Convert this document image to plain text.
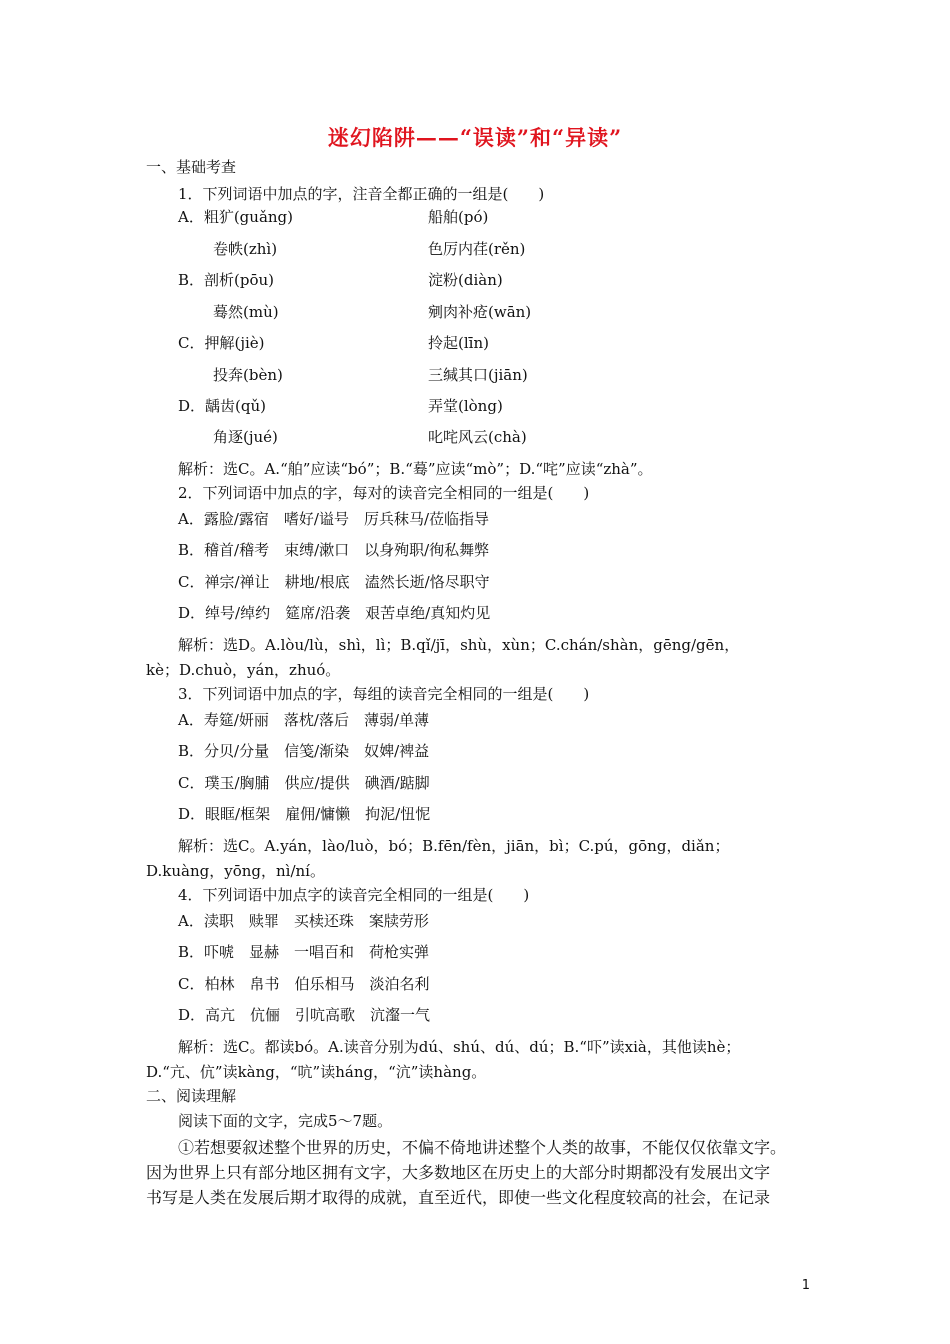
迷幻陷阱——“误读”和“异读”
一、基础考查
1．下列词语中加点的字，注音全都正确的一组是(　　)
A．粗犷(guǎng)	船舶(pó)
卷帙(zhì)	色厉内荏(rěn)
B．剖析(pōu)	淀粉(diàn)
蓦然(mù)	剜肉补疮(wān)
C．押解(jiè)	拎起(līn)
投奔(bèn)	三缄其口(jiān)
D．龋齿(qǔ)	弄堂(lòng)
角逐(jué)	叱咤风云(chà)
解析：选C。A.“舶”应读“bó”；B.“蓦”应读“mò”；D.“咤”应读“zhà”。
2．下列词语中加点的字，每对的读音完全相同的一组是(　　)
A．露脸/露宿　嗜好/谥号　厉兵秣马/莅临指导
B．稽首/稽考　束缚/漱口　以身殉职/徇私舞弊
C．禅宗/禅让　耕地/根底　溘然长逝/恪尽职守
D．绰号/绰约　筵席/沿袭　艰苦卓绝/真知灼见
解析：选D。A.lòu/lù，shì，lì；B.qǐ/jī，shù，xùn；C.chán/shàn，gēng/gēn，
kè；D.chuò，yán，zhuó。
3．下列词语中加点的字，每组的读音完全相同的一组是(　　)
A．寿筵/妍丽　落枕/落后　薄弱/单薄
B．分贝/分量　信笺/渐染　奴婢/裨益
C．璞玉/胸脯　供应/提供　碘酒/踮脚
D．眼眶/框架　雇佣/慵懒　拘泥/忸怩
解析：选C。A.yán，lào/luò，bó；B.fēn/fèn，jiān，bì；C.pú，gōng，diǎn；
D.kuàng，yōng，nì/ní。
4．下列词语中加点字的读音完全相同的一组是(　　)
A．渎职　赎罪　买椟还珠　案牍劳形
B．吓唬　显赫　一唱百和　荷枪实弹
C．柏林　帛书　伯乐相马　淡泊名利
D．高亢　伉俪　引吭高歌　沆瀣一气
解析：选C。都读bó。A.读音分别为dú、shú、dú、dú；B.“吓”读xià，其他读hè；
D.“亢、伉”读kàng，“吭”读háng，“沆”读hàng。
二、阅读理解
阅读下面的文字，完成5～7题。
①若想要叙述整个世界的历史，不偏不倚地讲述整个人类的故事，不能仅仅依靠文字。
因为世界上只有部分地区拥有文字，大多数地区在历史上的大部分时期都没有发展出文字
书写是人类在发展后期才取得的成就，直至近代，即使一些文化程度较高的社会，在记录
1
